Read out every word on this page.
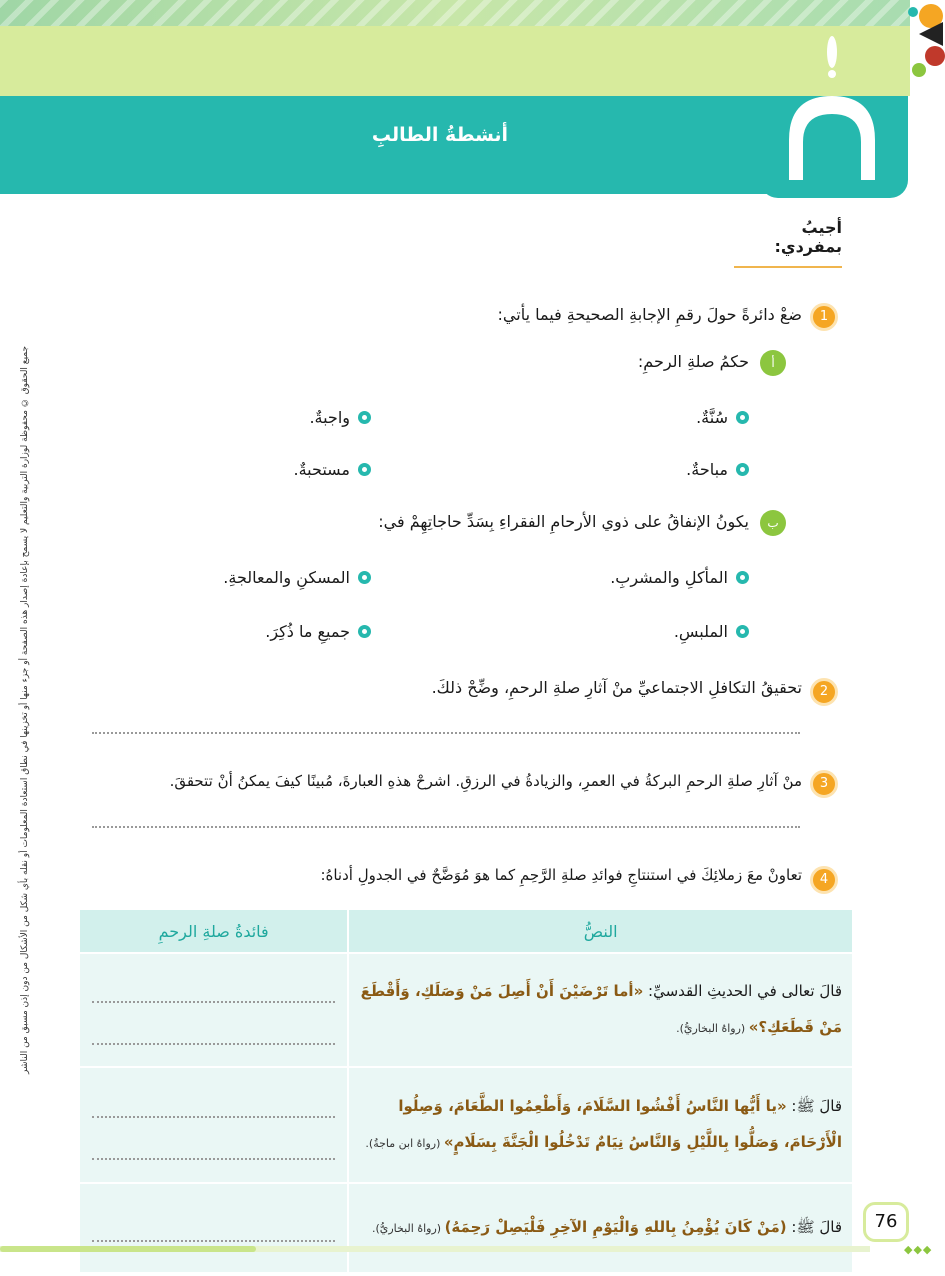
أنشطةُ الطالبِ
أجيبُ بمفردي:
جميع الحقوق © محفوظة لوزارة التربية والتعليم لا يسمح بإعادة إصدار هذه الصفحة أو جزء منها أو تخزينها في نطاق استعادة المعلومات أو نقله بأي شكل من الأشكال من دون إذن مسبق من الناشر
1
ضعْ دائرةً حولَ رقمِ الإجابةِ الصحيحةِ فيما يأتي:
أ
حكمُ صلةِ الرحمِ:
سُنَّةٌ.
واجبةٌ.
مباحةٌ.
مستحبةٌ.
ب
يكونُ الإنفاقُ على ذوي الأرحامِ الفقراءِ بِسَدِّ حاجاتِهِمْ في:
المأكلِ والمشربِ.
المسكنِ والمعالجةِ.
الملبسِ.
جميعِ ما ذُكِرَ.
2
تحقيقُ التكافلِ الاجتماعيِّ منْ آثارِ صلةِ الرحمِ، وضِّحْ ذلكَ.
3
منْ آثارِ صلةِ الرحمِ البركةُ في العمرِ، والزيادةُ في الرزقِ. اشرحْ هذهِ العبارةَ، مُبينًا كيفَ يمكنُ أنْ تتحققَ.
4
تعاونْ معَ زملائِكَ في استنتاجِ فوائدِ صلةِ الرَّحِمِ كما هوَ مُوَضَّحٌ في الجدولِ أدناهُ:
النصُّ	فائدةُ صلةِ الرحمِ
قالَ تعالى في الحديثِ القدسيِّ: «أما تَرْضَيْنَ أَنْ أَصِلَ مَنْ وَصَلَكِ، وَأَقْطَعَ مَنْ قَطَعَكِ؟» (رواهُ البخاريُّ).	

قالَ ﷺ: «يا أَيُّها النَّاسُ أَفْشُوا السَّلَامَ، وَأَطْعِمُوا الطَّعَامَ، وَصِلُوا الْأَرْحَامَ، وَصَلُّوا بِاللَّيْلِ وَالنَّاسُ نِيَامٌ تَدْخُلُوا الْجَنَّةَ بِسَلَامٍ» (رواهُ ابن ماجةُ).	

قالَ ﷺ: (مَنْ كَانَ يُؤْمِنُ بِاللهِ وَالْيَوْمِ الآخِرِ فَلْيَصِلْ رَحِمَهُ) (رواهُ البخاريُّ).		76
◆◆◆
